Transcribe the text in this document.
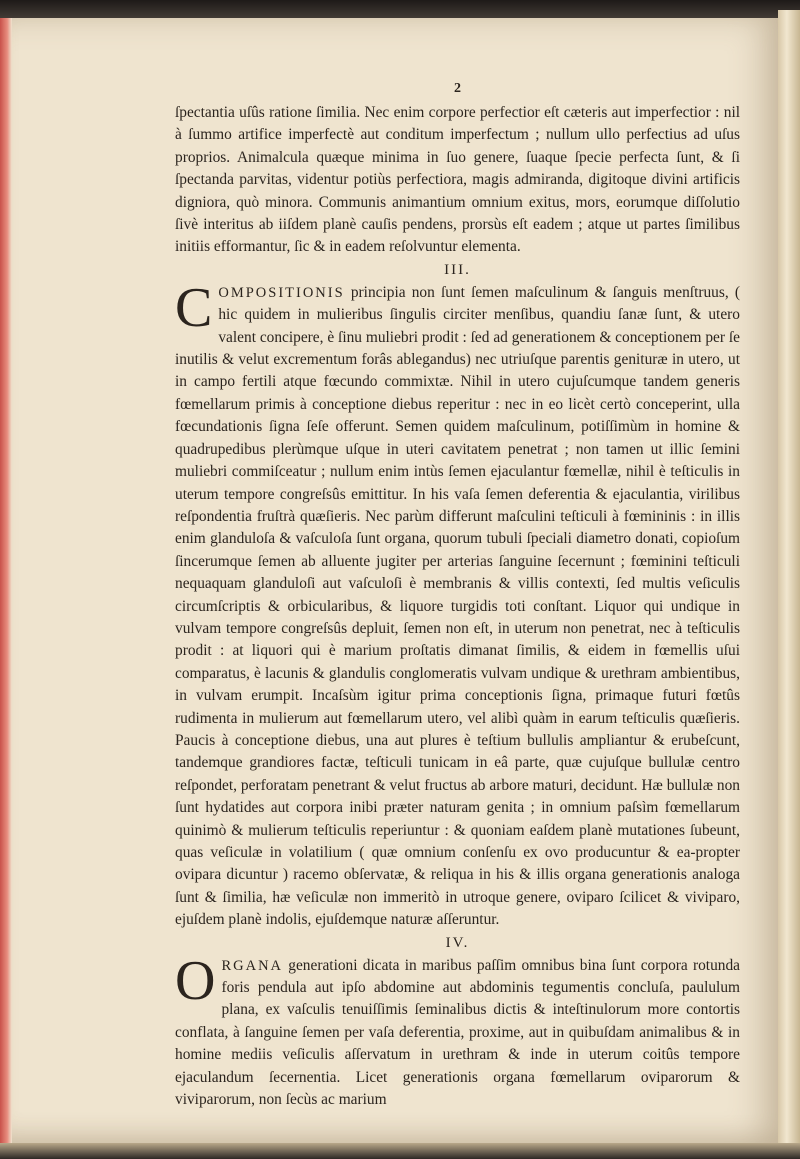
2

ſpectantia uſûs ratione ſimilia. Nec enim corpore perfectior eſt cæteris aut imperfectior : nil à ſummo artifice imperfectè aut conditum imperfectum ; nullum ullo perfectius ad uſus proprios. Animalcula quæque minima in ſuo genere, ſuaque ſpecie perfecta ſunt, & ſi ſpectanda parvitas, videntur potiùs perfectiora, magis admiranda, digitoque divini artificis digniora, quò minora. Communis animantium omnium exitus, mors, eorumque diſſolutio ſivè interitus ab iiſdem planè cauſis pendens, prorsùs eſt eadem ; atque ut partes ſimilibus initiis efformantur, ſic & in eadem reſolvuntur elementa.

III.

COMPOSITIONIS principia non ſunt ſemen maſculinum & ſanguis menſtruus, ( hic quidem in mulieribus ſingulis circiter menſibus, quandiu ſanæ ſunt, & utero valent concipere, è ſinu muliebri prodit : ſed ad generationem & conceptionem per ſe inutilis & velut excrementum forâs ablegandus) nec utriuſque parentis genituræ in utero, ut in campo fertili atque fœcundo commixtæ. Nihil in utero cujuſcumque tandem generis fœmellarum primis à conceptione diebus reperitur : nec in eo licèt certò conceperint, ulla fœcundationis ſigna ſeſe offerunt. Semen quidem maſculinum, potiſſimùm in homine & quadrupedibus plerùmque uſque in uteri cavitatem penetrat ; non tamen ut illic ſemini muliebri commiſceatur ; nullum enim intùs ſemen ejaculantur fœmellæ, nihil è teſticulis in uterum tempore congreſsûs emittitur. In his vaſa ſemen deferentia & ejaculantia, virilibus reſpondentia fruſtrà quæſieris. Nec parùm differunt maſculini teſticuli à fœmininis : in illis enim glanduloſa & vaſculoſa ſunt organa, quorum tubuli ſpeciali diametro donati, copioſum ſincerumque ſemen ab alluente jugiter per arterias ſanguine ſecernunt ; fœminini teſticuli nequaquam glanduloſi aut vaſculoſi è membranis & villis contexti, ſed multis veſiculis circumſcriptis & orbicularibus, & liquore turgidis toti conſtant. Liquor qui undique in vulvam tempore congreſsûs depluit, ſemen non eſt, in uterum non penetrat, nec à teſticulis prodit : at liquori qui è marium proſtatis dimanat ſimilis, & eidem in fœmellis uſui comparatus, è lacunis & glandulis conglomeratis vulvam undique & urethram ambientibus, in vulvam erumpit. Incaſsùm igitur prima conceptionis ſigna, primaque futuri fœtûs rudimenta in mulierum aut fœmellarum utero, vel alibì quàm in earum teſticulis quæſieris. Paucis à conceptione diebus, una aut plures è teſtium bullulis ampliantur & erubeſcunt, tandemque grandiores factæ, teſticuli tunicam in eâ parte, quæ cujuſque bullulæ centro reſpondet, perforatam penetrant & velut fructus ab arbore maturi, decidunt. Hæ bullulæ non ſunt hydatides aut corpora inibi præter naturam genita ; in omnium paſsìm fœmellarum quinimò & mulierum teſticulis reperiuntur : & quoniam eaſdem planè mutationes ſubeunt, quas veſiculæ in volatilium ( quæ omnium conſenſu ex ovo producuntur & ea-propter ovipara dicuntur ) racemo obſervatæ, & reliqua in his & illis organa generationis analoga ſunt & ſimilia, hæ veſiculæ non immeritò in utroque genere, oviparo ſcilicet & viviparo, ejuſdem planè indolis, ejuſdemque naturæ aſſeruntur.

IV.

ORGANA generationi dicata in maribus paſſim omnibus bina ſunt corpora rotunda foris pendula aut ipſo abdomine aut abdominis tegumentis concluſa, paululum plana, ex vaſculis tenuiſſimis ſeminalibus dictis & inteſtinulorum more contortis conflata, à ſanguine ſemen per vaſa deferentia, proxime, aut in quibuſdam animalibus & in homine mediis veſiculis aſſervatum in urethram & inde in uterum coitûs tempore ejaculandum ſecernentia. Licet generationis organa fœmellarum oviparorum & viviparorum, non ſecùs ac marium
